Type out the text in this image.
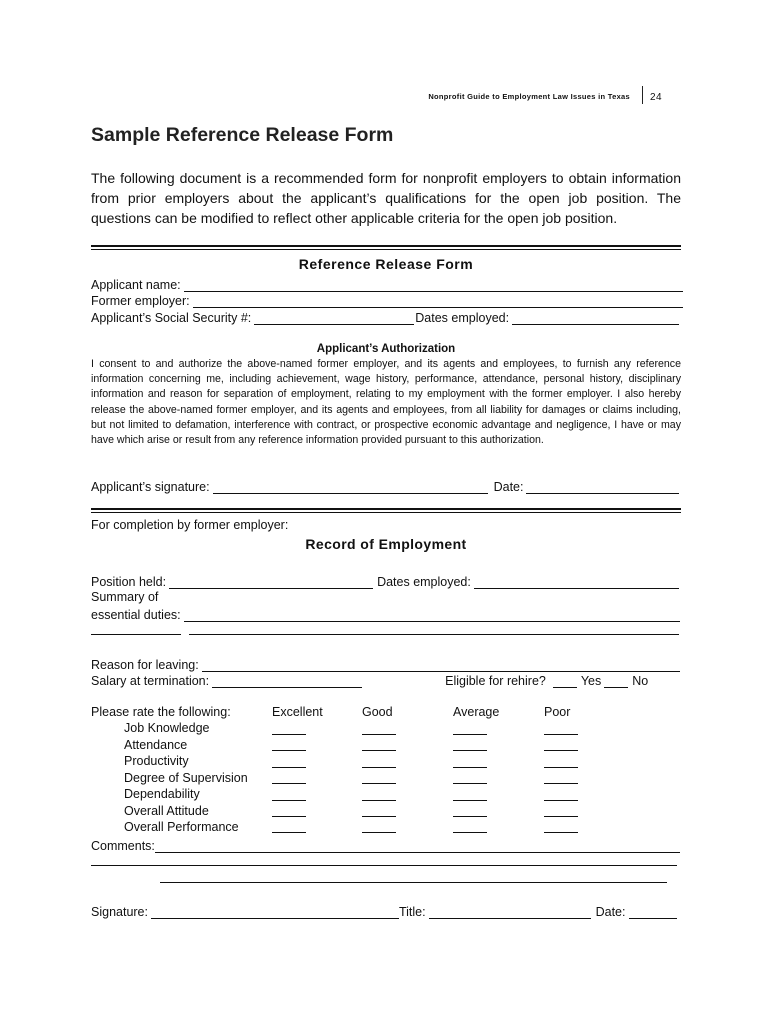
Nonprofit Guide to Employment Law Issues in Texas 24
Sample Reference Release Form
The following document is a recommended form for nonprofit employers to obtain information from prior employers about the applicant’s qualifications for the open job position. The questions can be modified to reflect other applicable criteria for the open job position.
Reference Release Form
Applicant name:
Former employer:
Applicant’s Social Security #:	Dates employed:
Applicant’s Authorization
I consent to and authorize the above-named former employer, and its agents and employees, to furnish any reference information concerning me, including achievement, wage history, performance, attendance, personal history, disciplinary information and reason for separation of employment, relating to my employment with the former employer. I also hereby release the above-named former employer, and its agents and employees, from all liability for damages or claims including, but not limited to defamation, interference with contract, or prospective economic advantage and negligence, I have or may have which arise or result from any reference information provided pursuant to this authorization.
Applicant’s signature:	Date:
For completion by former employer:
Record of Employment
Position held:	Dates employed:
Summary of
essential duties:
Reason for leaving:
Salary at termination:	Eligible for rehire?	Yes	No
Please rate the following:	Excellent	Good	Average	Poor
Job Knowledge
Attendance
Productivity
Degree of Supervision
Dependability
Overall Attitude
Overall Performance
Comments:
Signature:	Title:	Date:
